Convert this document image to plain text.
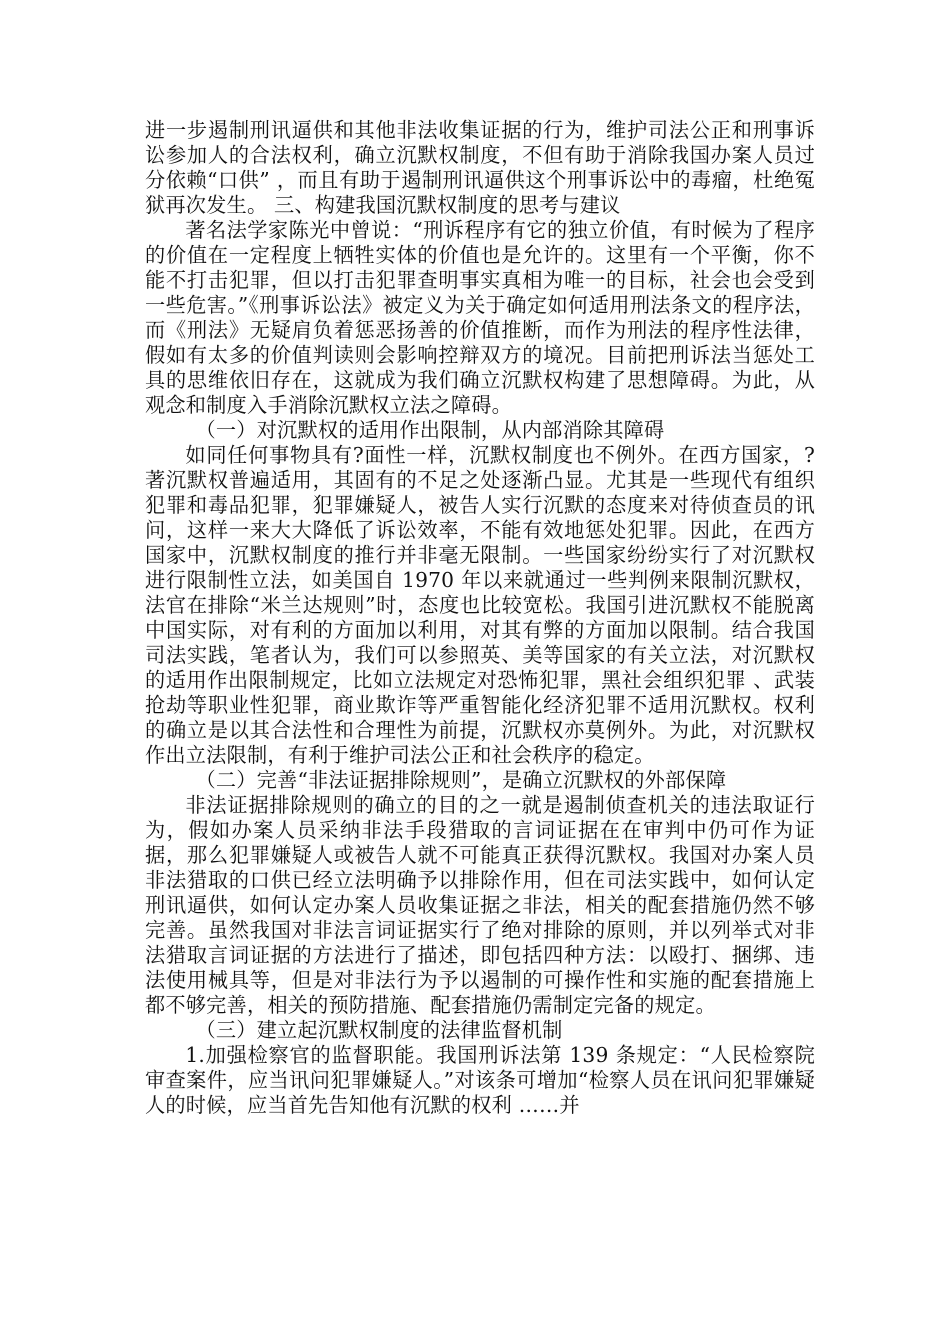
进一步遏制刑讯逼供和其他非法收集证据的行为，维护司法公正和刑事诉讼参加人的合法权利，确立沉默权制度，不但有助于消除我国办案人员过分依赖“口供” ，而且有助于遏制刑讯逼供这个刑事诉讼中的毒瘤，杜绝冤狱再次发生。 三、构建我国沉默权制度的思考与建议

著名法学家陈光中曾说：“刑诉程序有它的独立价值，有时候为了程序的价值在一定程度上牺牲实体的价值也是允许的。这里有一个平衡，你不能不打击犯罪，但以打击犯罪查明事实真相为唯一的目标，社会也会受到一些危害。”《刑事诉讼法》被定义为关于确定如何适用刑法条文的程序法，而《刑法》无疑肩负着惩恶扬善的价值推断，而作为刑法的程序性法律，假如有太多的价值判读则会影响控辩双方的境况。目前把刑诉法当惩处工具的思维依旧存在，这就成为我们确立沉默权构建了思想障碍。为此，从观念和制度入手消除沉默权立法之障碍。

（一）对沉默权的适用作出限制，从内部消除其障碍

如同任何事物具有?面性一样，沉默权制度也不例外。在西方国家，?著沉默权普遍适用，其固有的不足之处逐渐凸显。尤其是一些现代有组织犯罪和毒品犯罪，犯罪嫌疑人，被告人实行沉默的态度来对待侦查员的讯问，这样一来大大降低了诉讼效率，不能有效地惩处犯罪。因此，在西方国家中，沉默权制度的推行并非毫无限制。一些国家纷纷实行了对沉默权进行限制性立法，如美国自 1970 年以来就通过一些判例来限制沉默权，法官在排除“米兰达规则”时，态度也比较宽松。我国引进沉默权不能脱离中国实际，对有利的方面加以利用，对其有弊的方面加以限制。结合我国司法实践，笔者认为，我们可以参照英、美等国家的有关立法，对沉默权的适用作出限制规定，比如立法规定对恐怖犯罪，黑社会组织犯罪 、武装抢劫等职业性犯罪，商业欺诈等严重智能化经济犯罪不适用沉默权。权利的确立是以其合法性和合理性为前提，沉默权亦莫例外。为此，对沉默权作出立法限制，有利于维护司法公正和社会秩序的稳定。

（二）完善“非法证据排除规则”，是确立沉默权的外部保障

非法证据排除规则的确立的目的之一就是遏制侦查机关的违法取证行为，假如办案人员采纳非法手段猎取的言词证据在在审判中仍可作为证据，那么犯罪嫌疑人或被告人就不可能真正获得沉默权。我国对办案人员非法猎取的口供已经立法明确予以排除作用，但在司法实践中，如何认定刑讯逼供，如何认定办案人员收集证据之非法，相关的配套措施仍然不够完善。虽然我国对非法言词证据实行了绝对排除的原则，并以列举式对非法猎取言词证据的方法进行了描述，即包括四种方法：以殴打、捆绑、违法使用械具等，但是对非法行为予以遏制的可操作性和实施的配套措施上都不够完善，相关的预防措施、配套措施仍需制定完备的规定。

（三）建立起沉默权制度的法律监督机制

1.加强检察官的监督职能。我国刑诉法第 139 条规定：“人民检察院审查案件，应当讯问犯罪嫌疑人。”对该条可增加“检察人员在讯问犯罪嫌疑人的时候，应当首先告知他有沉默的权利 ……并
